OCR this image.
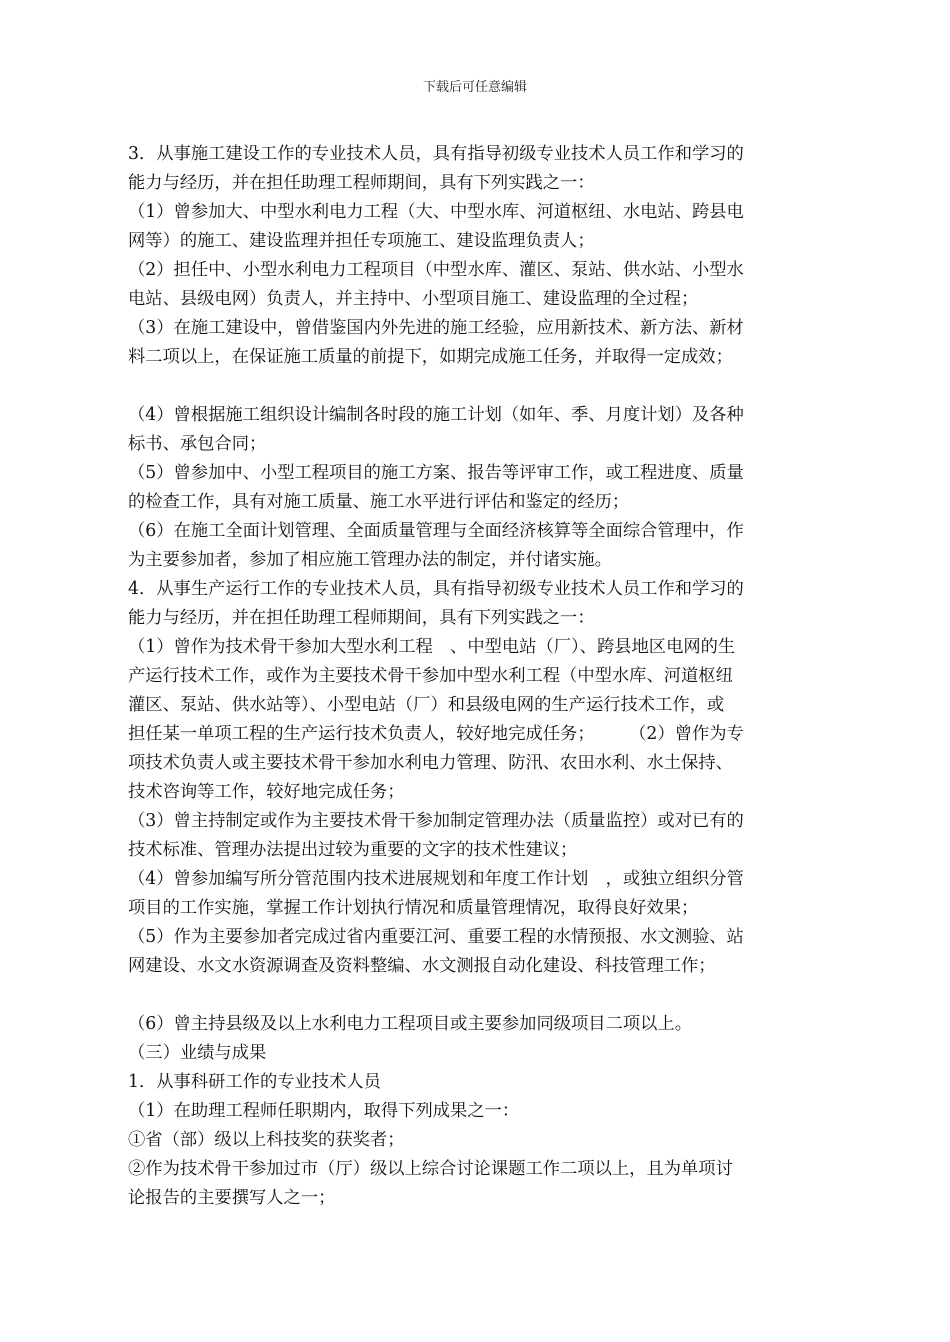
下载后可任意编辑
3．从事施工建设工作的专业技术人员，具有指导初级专业技术人员工作和学习的
能力与经历，并在担任助理工程师期间，具有下列实践之一：
（1）曾参加大、中型水利电力工程（大、中型水库、河道枢纽、水电站、跨县电
网等）的施工、建设监理并担任专项施工、建设监理负责人；
（2）担任中、小型水利电力工程项目（中型水库、灌区、泵站、供水站、小型水
电站、县级电网）负责人，并主持中、小型项目施工、建设监理的全过程；
（3）在施工建设中，曾借鉴国内外先进的施工经验，应用新技术、新方法、新材
料二项以上，在保证施工质量的前提下，如期完成施工任务，并取得一定成效；
（4）曾根据施工组织设计编制各时段的施工计划（如年、季、月度计划）及各种
标书、承包合同；
（5）曾参加中、小型工程项目的施工方案、报告等评审工作，或工程进度、质量
的检查工作，具有对施工质量、施工水平进行评估和鉴定的经历；
（6）在施工全面计划管理、全面质量管理与全面经济核算等全面综合管理中，作
为主要参加者，参加了相应施工管理办法的制定，并付诸实施。
4．从事生产运行工作的专业技术人员，具有指导初级专业技术人员工作和学习的
能力与经历，并在担任助理工程师期间，具有下列实践之一：
（1）曾作为技术骨干参加大型水利工程　、中型电站（厂）、跨县地区电网的生
产运行技术工作，或作为主要技术骨干参加中型水利工程（中型水库、河道枢纽
灌区、泵站、供水站等）、小型电站（厂）和县级电网的生产运行技术工作，或
担任某一单项工程的生产运行技术负责人，较好地完成任务；　　　（2）曾作为专
项技术负责人或主要技术骨干参加水利电力管理、防汛、农田水利、水土保持、
技术咨询等工作，较好地完成任务；
（3）曾主持制定或作为主要技术骨干参加制定管理办法（质量监控）或对已有的
技术标准、管理办法提出过较为重要的文字的技术性建议；
（4）曾参加编写所分管范围内技术进展规划和年度工作计划　，或独立组织分管
项目的工作实施，掌握工作计划执行情况和质量管理情况，取得良好效果；
（5）作为主要参加者完成过省内重要江河、重要工程的水情预报、水文测验、站
网建设、水文水资源调查及资料整编、水文测报自动化建设、科技管理工作；
（6）曾主持县级及以上水利电力工程项目或主要参加同级项目二项以上。
（三）业绩与成果
1．从事科研工作的专业技术人员
（1）在助理工程师任职期内，取得下列成果之一：
①省（部）级以上科技奖的获奖者；
②作为技术骨干参加过市（厅）级以上综合讨论课题工作二项以上，且为单项讨
论报告的主要撰写人之一；
